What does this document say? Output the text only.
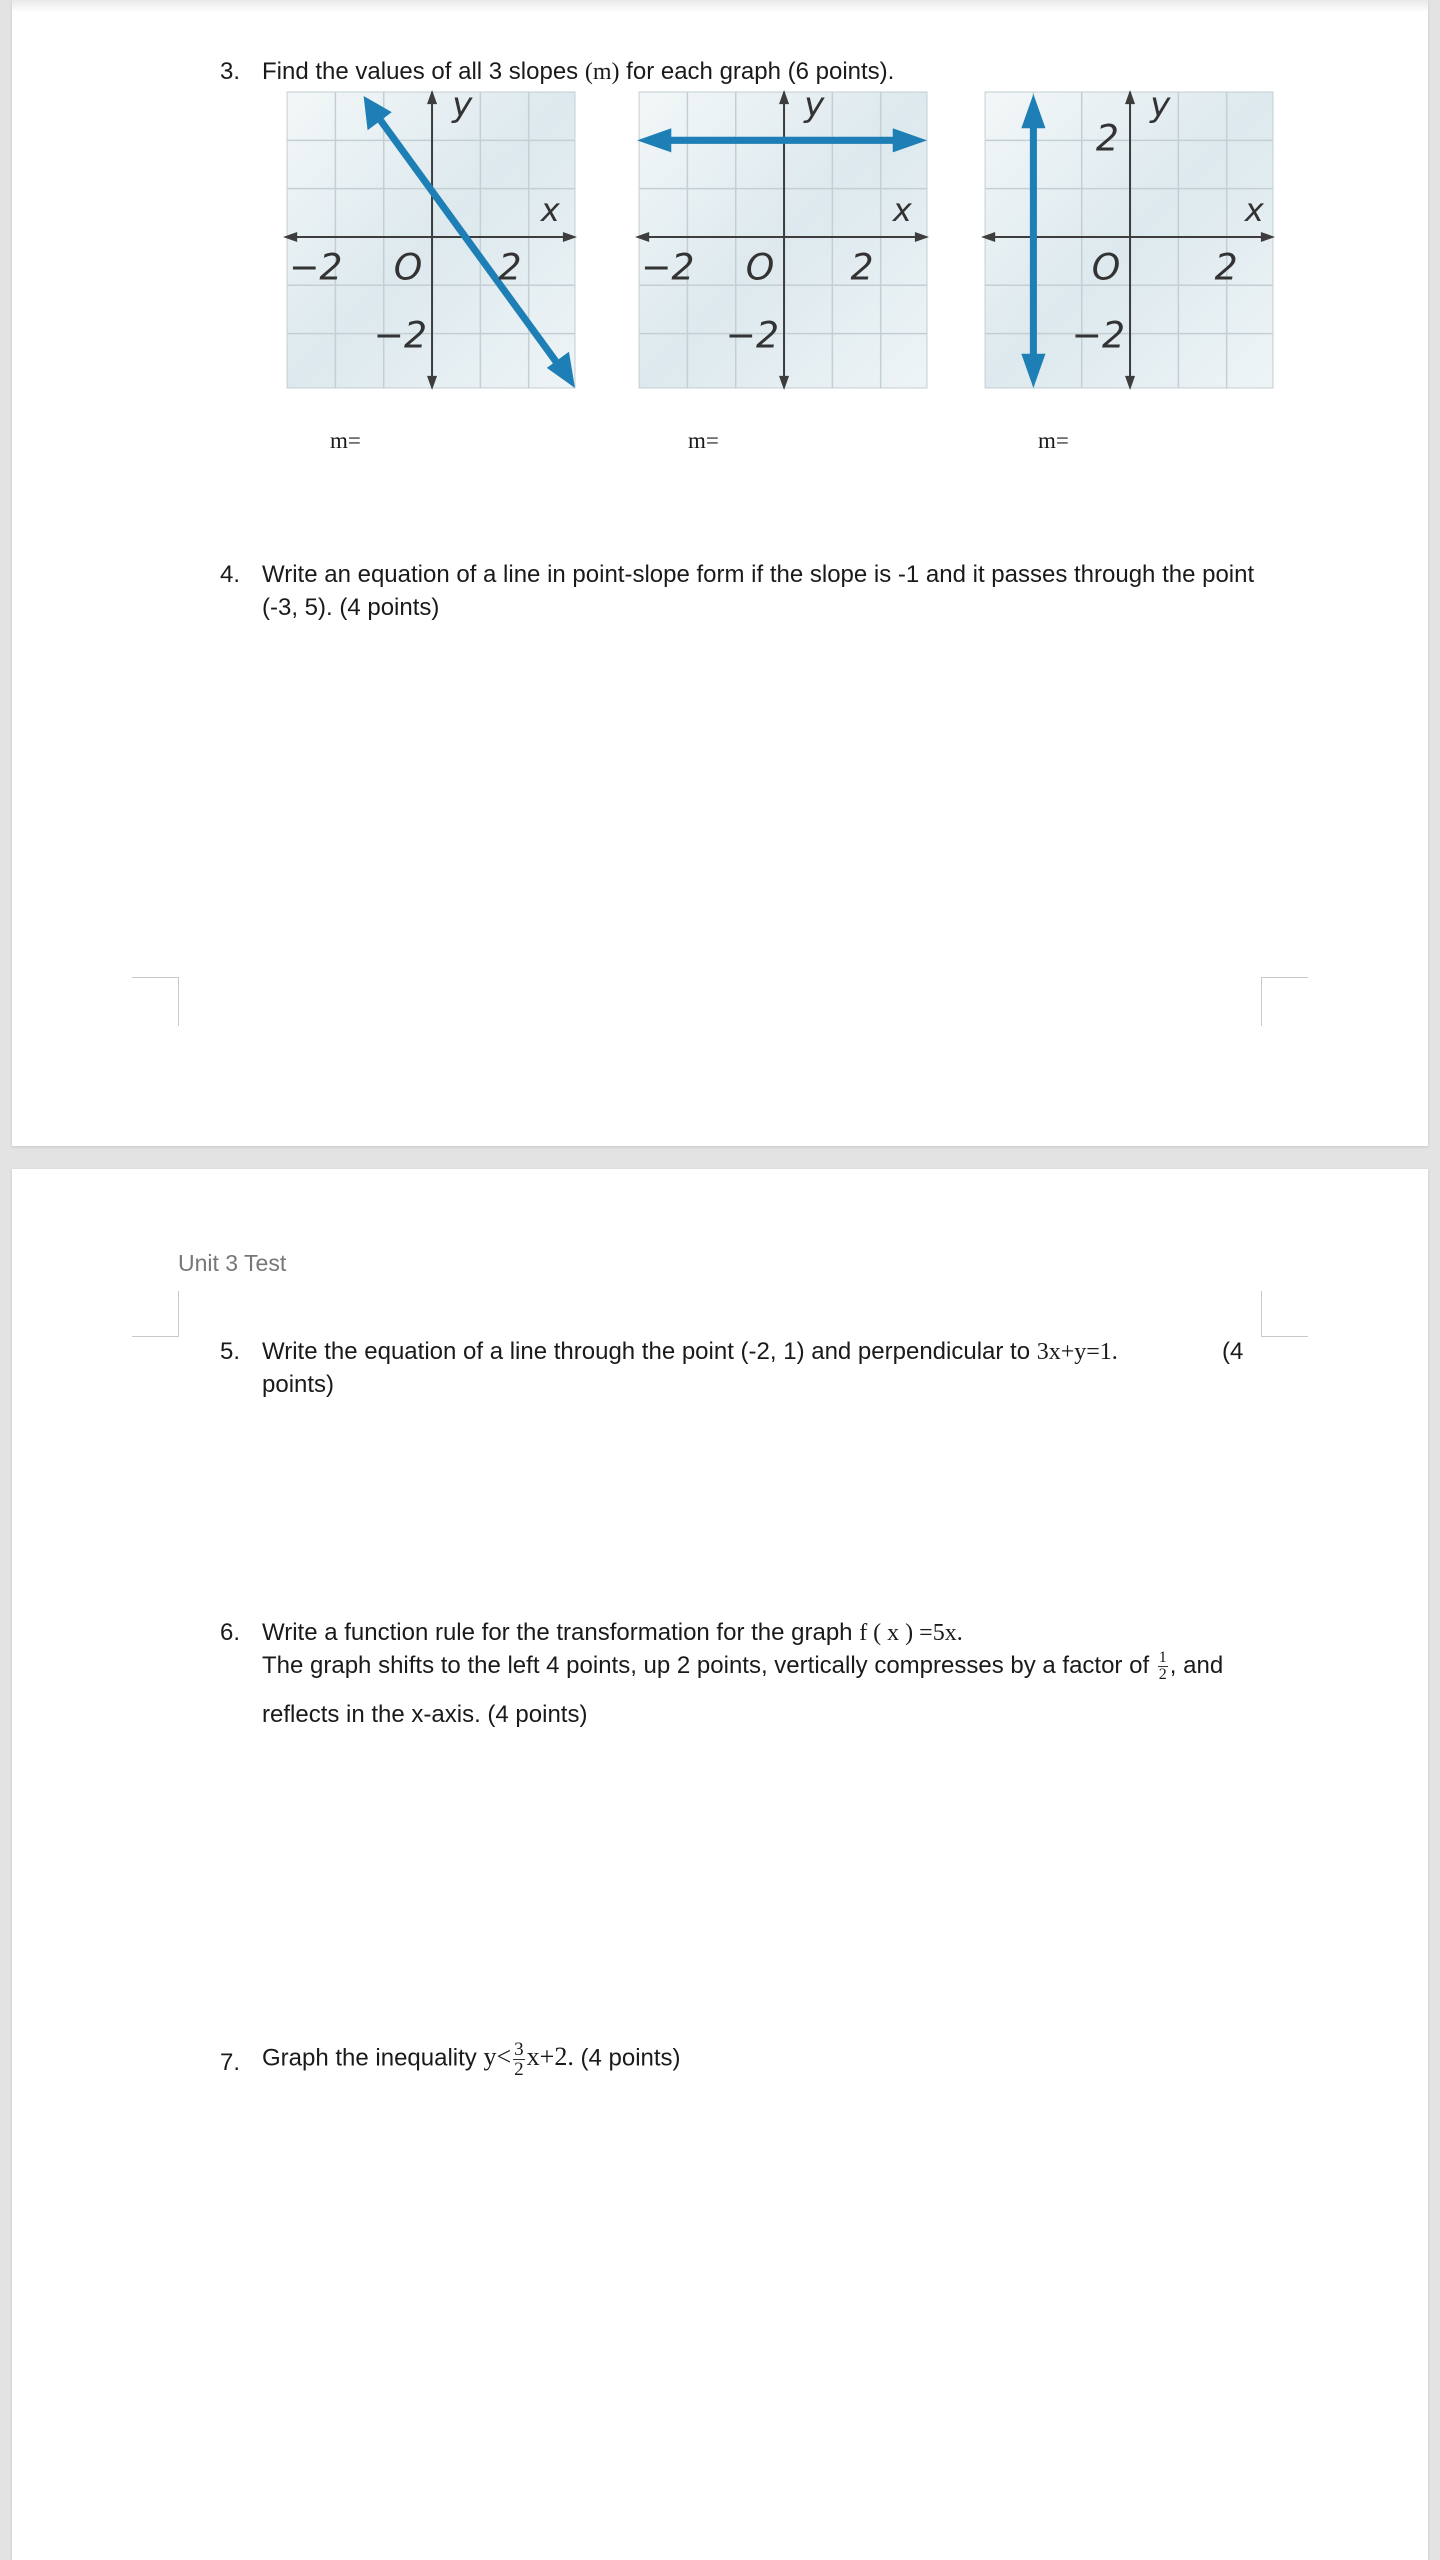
3. Find the values of all 3 slopes (m) for each graph (6 points).
y
x
−2 O 2
−2
y
x
−2 O 2
−2
y
x
2
O	2
−2
m=	m=	m=
4. Write an equation of a line in point-slope form if the slope is -1 and it passes through the point
(-3, 5). (4 points)
Unit 3 Test
5. Write the equation of a line through the point (-2, 1) and perpendicular to 3x+y=1.	(4
points)
6. Write a function rule for the transformation for the graph f ( x ) =5x.
The graph shifts to the left 4 points, up 2 points, vertically compresses by a factor of $\frac{1}{2}$ , and
reflects in the x-axis. (4 points)
7. Graph the inequality $y< \frac{3}{2} x+2$. (4 points)
